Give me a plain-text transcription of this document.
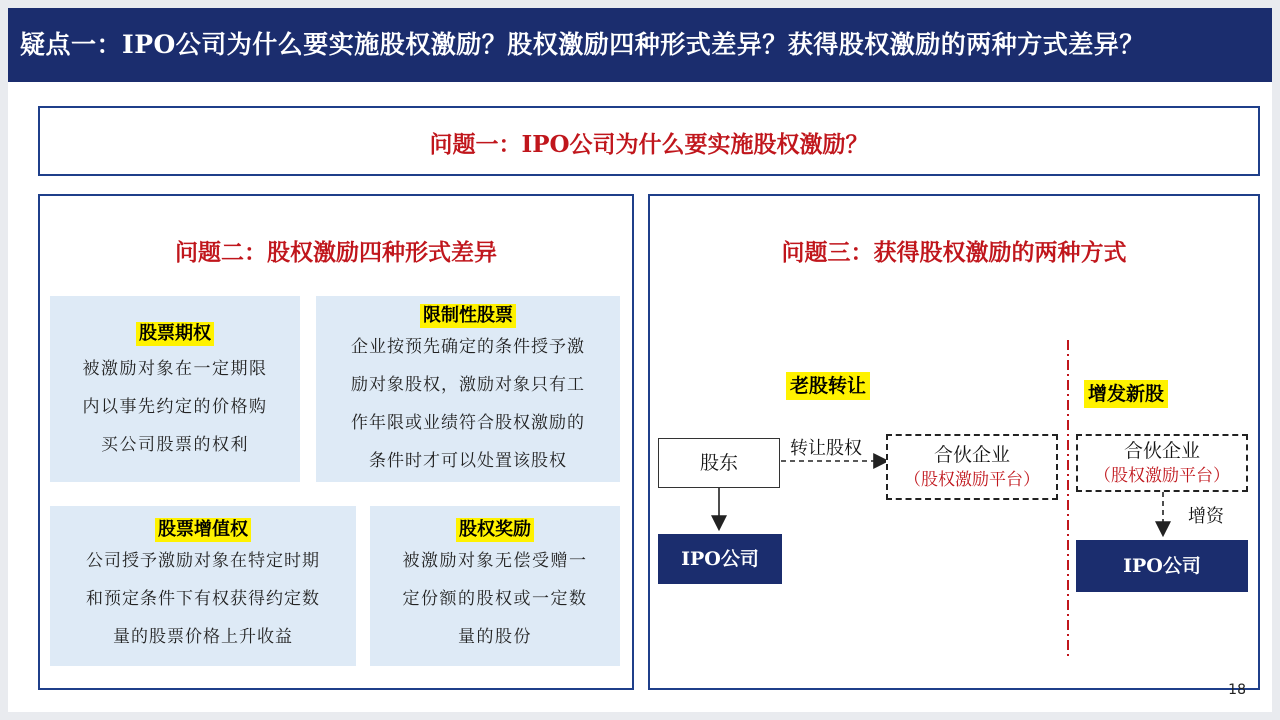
疑点一：IPO公司为什么要实施股权激励？股权激励四种形式差异？获得股权激励的两种方式差异？
问题一：IPO公司为什么要实施股权激励？
问题二：股权激励四种形式差异
股票期权
被激励对象在一定期限
内以事先约定的价格购
买公司股票的权利
限制性股票
企业按预先确定的条件授予激
励对象股权，激励对象只有工
作年限或业绩符合股权激励的
条件时才可以处置该股权
股票增值权
公司授予激励对象在特定时期
和预定条件下有权获得约定数
量的股票价格上升收益
股权奖励
被激励对象无偿受赠一
定份额的股权或一定数
量的股份
问题三：获得股权激励的两种方式
老股转让	增发新股
股东
转让股权	合伙企业
（股权激励平台）
IPO公司
合伙企业
（股权激励平台）
增资
IPO公司
18
